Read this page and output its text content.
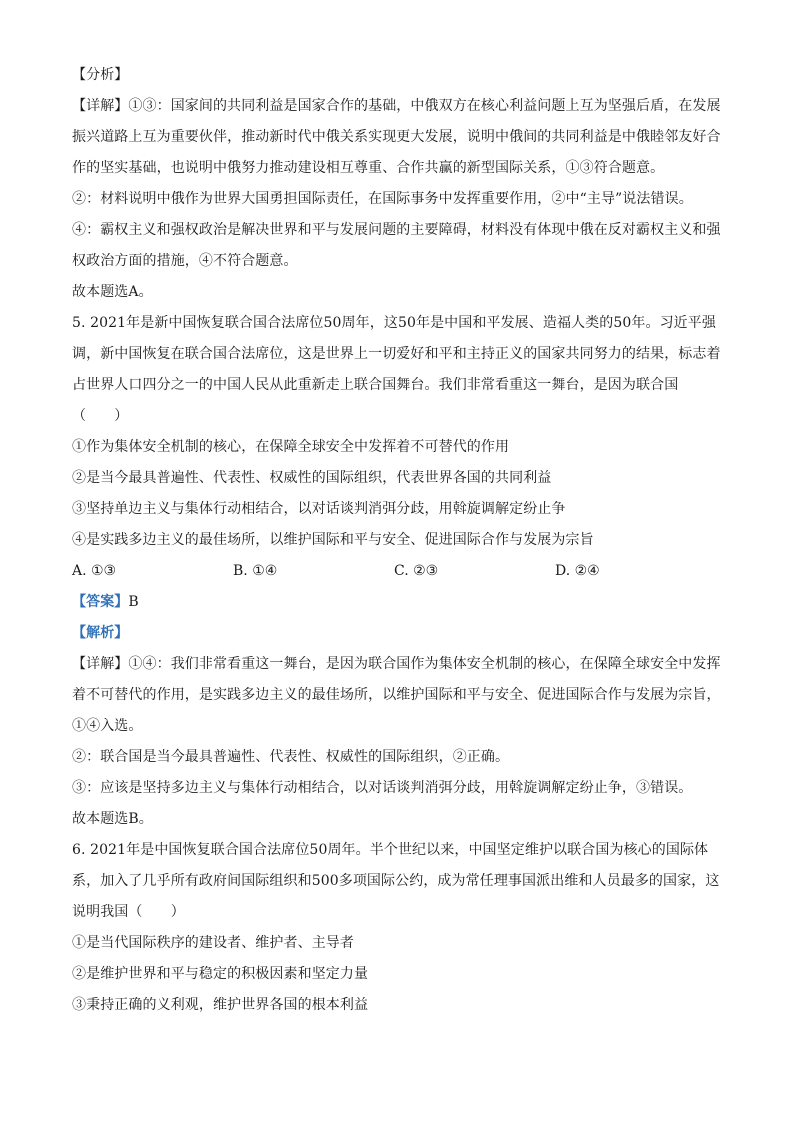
【分析】
【详解】①③：国家间的共同利益是国家合作的基础，中俄双方在核心利益问题上互为坚强后盾，在发展
振兴道路上互为重要伙伴，推动新时代中俄关系实现更大发展，说明中俄间的共同利益是中俄睦邻友好合
作的坚实基础，也说明中俄努力推动建设相互尊重、合作共赢的新型国际关系，①③符合题意。
②：材料说明中俄作为世界大国勇担国际责任，在国际事务中发挥重要作用，②中“主导”说法错误。
④：霸权主义和强权政治是解决世界和平与发展问题的主要障碍，材料没有体现中俄在反对霸权主义和强
权政治方面的措施，④不符合题意。
故本题选A。
5. 2021年是新中国恢复联合国合法席位50周年，这50年是中国和平发展、造福人类的50年。习近平强
调，新中国恢复在联合国合法席位，这是世界上一切爱好和平和主持正义的国家共同努力的结果，标志着
占世界人口四分之一的中国人民从此重新走上联合国舞台。我们非常看重这一舞台，是因为联合国
（　　）
①作为集体安全机制的核心，在保障全球安全中发挥着不可替代的作用
②是当今最具普遍性、代表性、权威性的国际组织，代表世界各国的共同利益
③坚持单边主义与集体行动相结合，以对话谈判消弭分歧，用斡旋调解定纷止争
④是实践多边主义的最佳场所，以维护国际和平与安全、促进国际合作与发展为宗旨
A. ①③	B. ①④	C. ②③	D. ②④
【答案】B
【解析】
【详解】①④：我们非常看重这一舞台，是因为联合国作为集体安全机制的核心，在保障全球安全中发挥
着不可替代的作用，是实践多边主义的最佳场所，以维护国际和平与安全、促进国际合作与发展为宗旨，
①④入选。
②：联合国是当今最具普遍性、代表性、权威性的国际组织，②正确。
③：应该是坚持多边主义与集体行动相结合，以对话谈判消弭分歧，用斡旋调解定纷止争，③错误。
故本题选B。
6. 2021年是中国恢复联合国合法席位50周年。半个世纪以来，中国坚定维护以联合国为核心的国际体
系，加入了几乎所有政府间国际组织和500多项国际公约，成为常任理事国派出维和人员最多的国家，这
说明我国（　　）
①是当代国际秩序的建设者、维护者、主导者
②是维护世界和平与稳定的积极因素和坚定力量
③秉持正确的义利观，维护世界各国的根本利益
